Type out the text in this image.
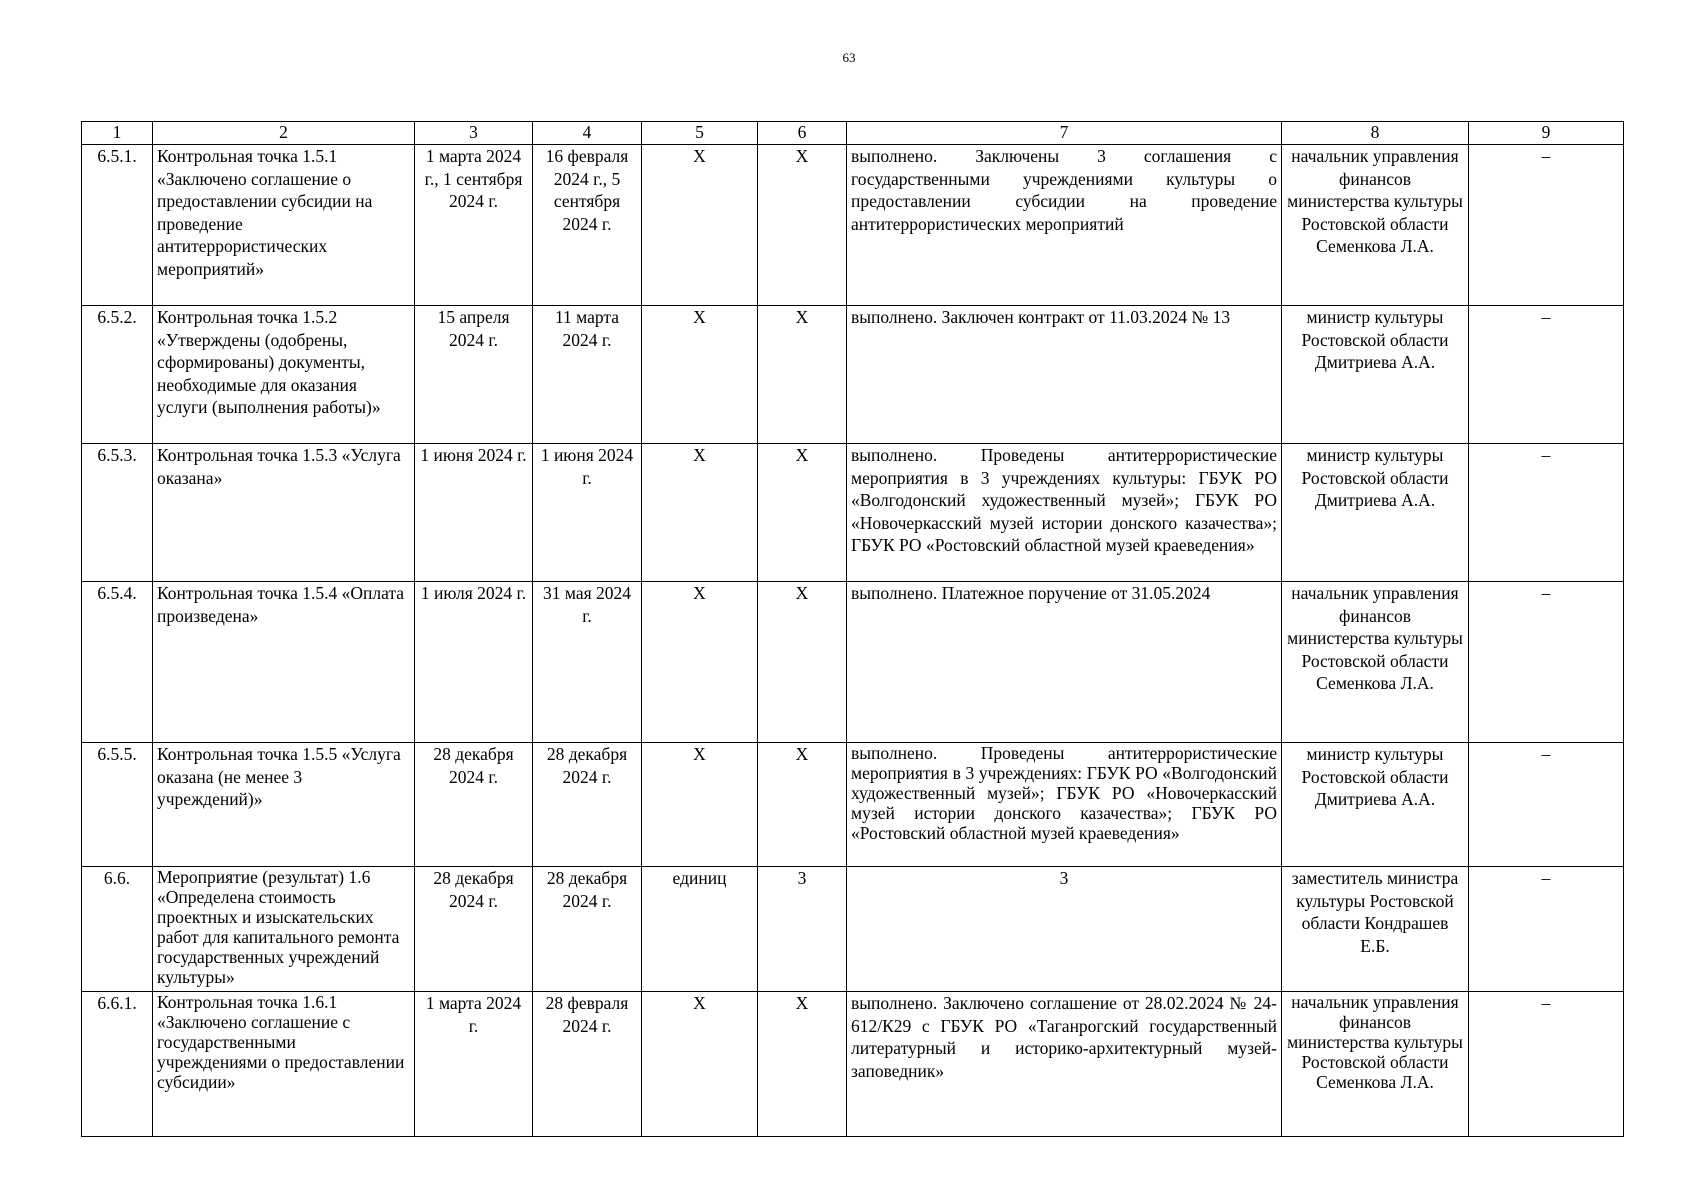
63
1	2	3	4	5	6	7	8	9
6.5.1.	Контрольная точка 1.5.1 «Заключено соглашение о предоставлении субсидии на проведение антитеррористических мероприятий»	1 марта 2024 г., 1 сентября 2024 г.	16 февраля 2024 г., 5 сентября 2024 г.	X	X	выполнено. Заключены 3 соглашения с государственными учреждениями культуры о предоставлении субсидии на проведение антитеррористических мероприятий	начальник управления финансов министерства культуры Ростовской области Семенкова Л.А.	–
6.5.2.	Контрольная точка 1.5.2 «Утверждены (одобрены, сформированы) документы, необходимые для оказания услуги (выполнения работы)»	15 апреля 2024 г.	11 марта 2024 г.	X	X	выполнено. Заключен контракт от 11.03.2024 № 13	министр культуры Ростовской области Дмитриева А.А.	–
6.5.3.	Контрольная точка 1.5.3 «Услуга оказана»	1 июня 2024 г.	1 июня 2024 г.	X	X	выполнено. Проведены антитеррористические мероприятия в 3 учреждениях культуры: ГБУК РО «Волгодонский художественный музей»; ГБУК РО «Новочеркасский музей истории донского казачества»; ГБУК РО «Ростовский областной музей краеведения»	министр культуры Ростовской области Дмитриева А.А.	–
6.5.4.	Контрольная точка 1.5.4 «Оплата произведена»	1 июля 2024 г.	31 мая 2024 г.	X	X	выполнено. Платежное поручение от 31.05.2024	начальник управления финансов министерства культуры Ростовской области Семенкова Л.А.	–
6.5.5.	Контрольная точка 1.5.5 «Услуга оказана (не менее 3 учреждений)»	28 декабря 2024 г.	28 декабря 2024 г.	X	X	выполнено. Проведены антитеррористические мероприятия в 3 учреждениях: ГБУК РО «Волгодонский художественный музей»; ГБУК РО «Новочеркасский музей истории донского казачества»; ГБУК РО «Ростовский областной музей краеведения»	министр культуры Ростовской области Дмитриева А.А.	–
6.6.	Мероприятие (результат) 1.6 «Определена стоимость проектных и изыскательских работ для капитального ремонта государственных учреждений культуры»	28 декабря 2024 г.	28 декабря 2024 г.	единиц	3	3	заместитель министра культуры Ростовской области Кондрашев Е.Б.	–
6.6.1.	Контрольная точка 1.6.1 «Заключено соглашение с государственными учреждениями о предоставлении субсидии»	1 марта 2024 г.	28 февраля 2024 г.	X	X	выполнено. Заключено соглашение от 28.02.2024 № 24-612/К29 с ГБУК РО «Таганрогский государственный литературный и историко-архитектурный музей-заповедник»	начальник управления финансов министерства культуры Ростовской области Семенкова Л.А.	–
